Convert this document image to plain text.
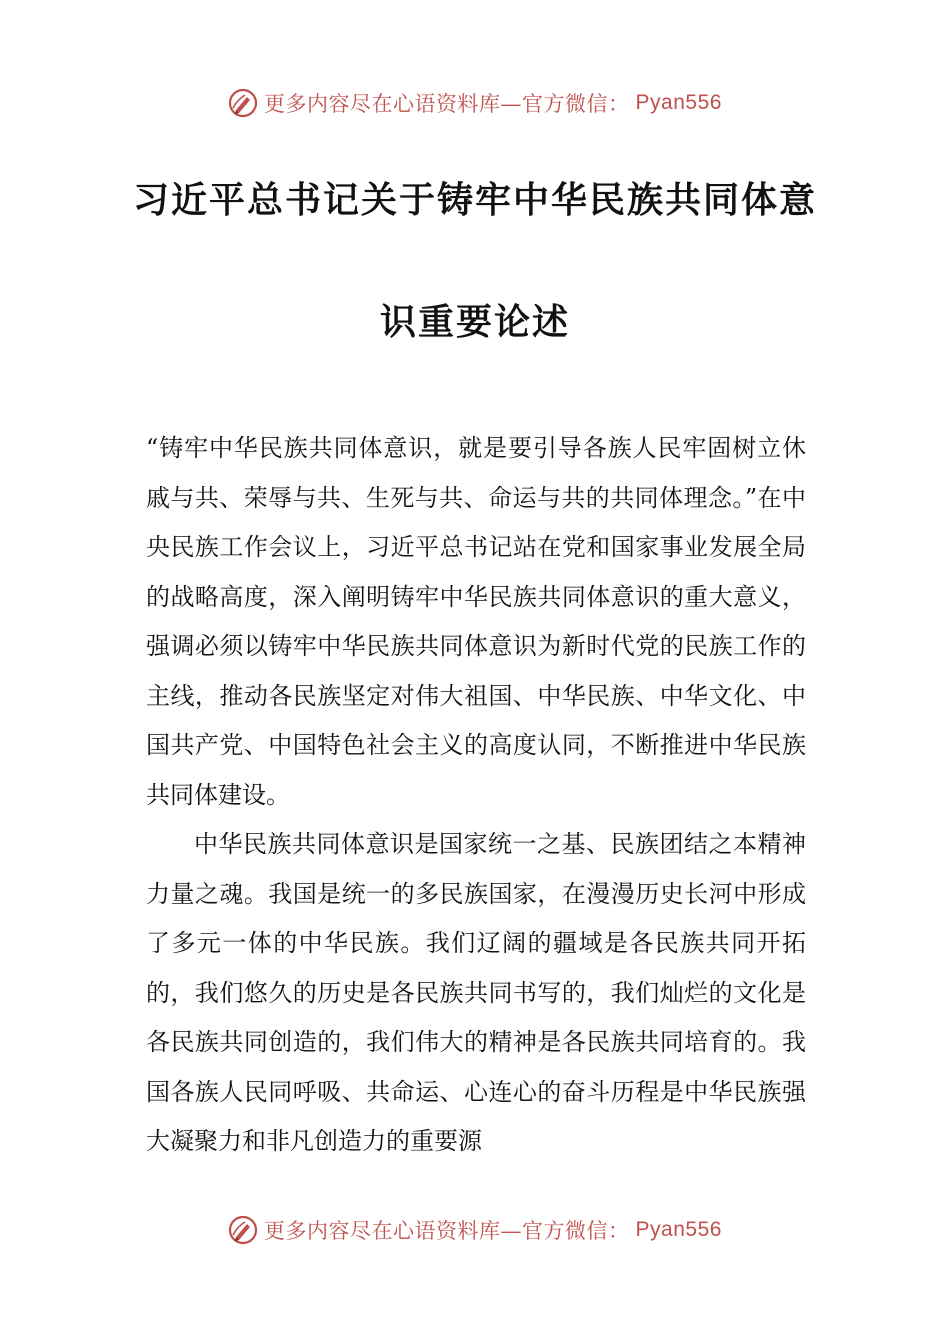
更多内容尽在心语资料库—官方微信： Pyan556
习近平总书记关于铸牢中华民族共同体意
识重要论述

“铸牢中华民族共同体意识，就是要引导各族人民牢固树立休戚与共、荣辱与共、生死与共、命运与共的共同体理念。”在中央民族工作会议上，习近平总书记站在党和国家事业发展全局的战略高度，深入阐明铸牢中华民族共同体意识的重大意义，强调必须以铸牢中华民族共同体意识为新时代党的民族工作的主线，推动各民族坚定对伟大祖国、中华民族、中华文化、中国共产党、中国特色社会主义的高度认同，不断推进中华民族共同体建设。

中华民族共同体意识是国家统一之基、民族团结之本精神力量之魂。我国是统一的多民族国家，在漫漫历史长河中形成了多元一体的中华民族。我们辽阔的疆域是各民族共同开拓的，我们悠久的历史是各民族共同书写的，我们灿烂的文化是各民族共同创造的，我们伟大的精神是各民族共同培育的。我国各族人民同呼吸、共命运、心连心的奋斗历程是中华民族强大凝聚力和非凡创造力的重要源

更多内容尽在心语资料库—官方微信： Pyan556
